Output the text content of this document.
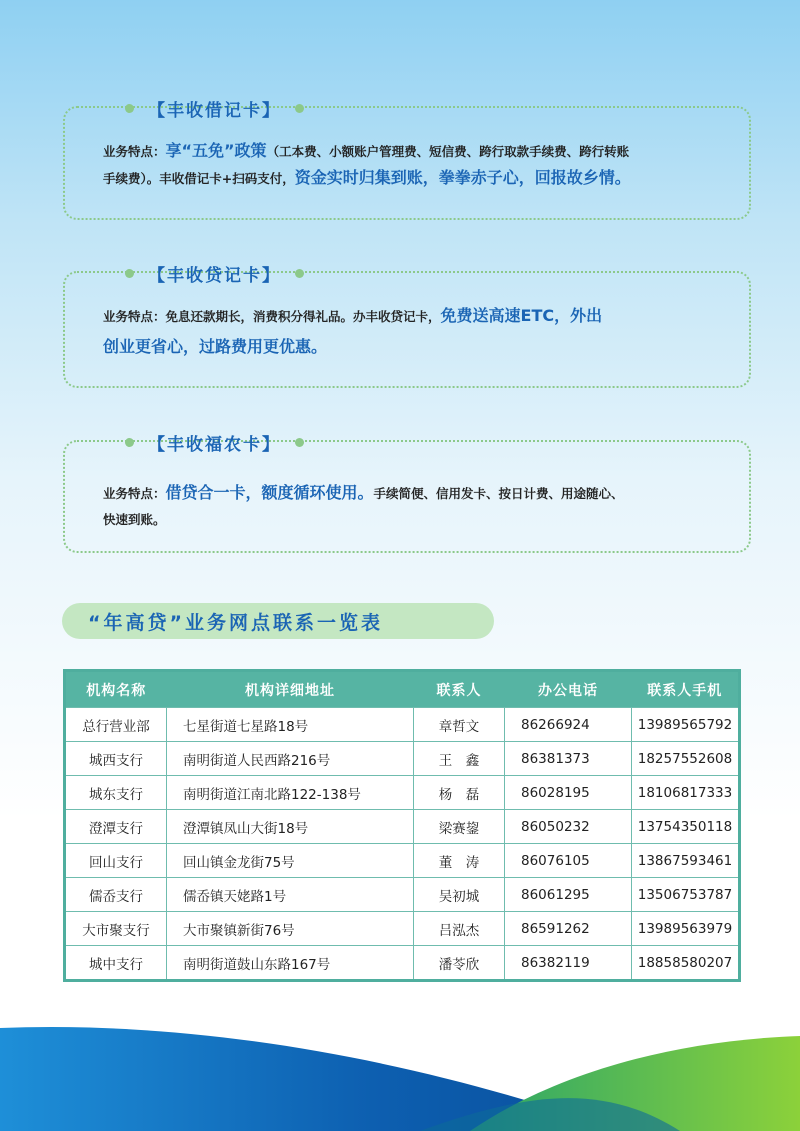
【丰收借记卡】
业务特点：享“五免”政策（工本费、小额账户管理费、短信费、跨行取款手续费、跨行转账
手续费）。丰收借记卡+扫码支付，资金实时归集到账，拳拳赤子心，回报故乡情。
【丰收贷记卡】
业务特点：免息还款期长，消费积分得礼品。办丰收贷记卡，免费送高速ETC，外出
创业更省心，过路费用更优惠。
【丰收福农卡】
业务特点：借贷合一卡，额度循环使用。手续简便、信用发卡、按日计费、用途随心、
快速到账。
“年高贷”业务网点联系一览表
机构名称	机构详细地址	联系人	办公电话	联系人手机
总行营业部	七星街道七星路18号	章哲文	86266924	13989565792
城西支行	南明街道人民西路216号	王　鑫	86381373	18257552608
城东支行	南明街道江南北路122-138号	杨　磊	86028195	18106817333
澄潭支行	澄潭镇凤山大街18号	梁赛鋆	86050232	13754350118
回山支行	回山镇金龙街75号	董　涛	86076105	13867593461
儒岙支行	儒岙镇天姥路1号	吴初城	86061295	13506753787
大市聚支行	大市聚镇新街76号	吕泓杰	86591262	13989563979
城中支行	南明街道鼓山东路167号	潘苓欣	86382119	18858580207
